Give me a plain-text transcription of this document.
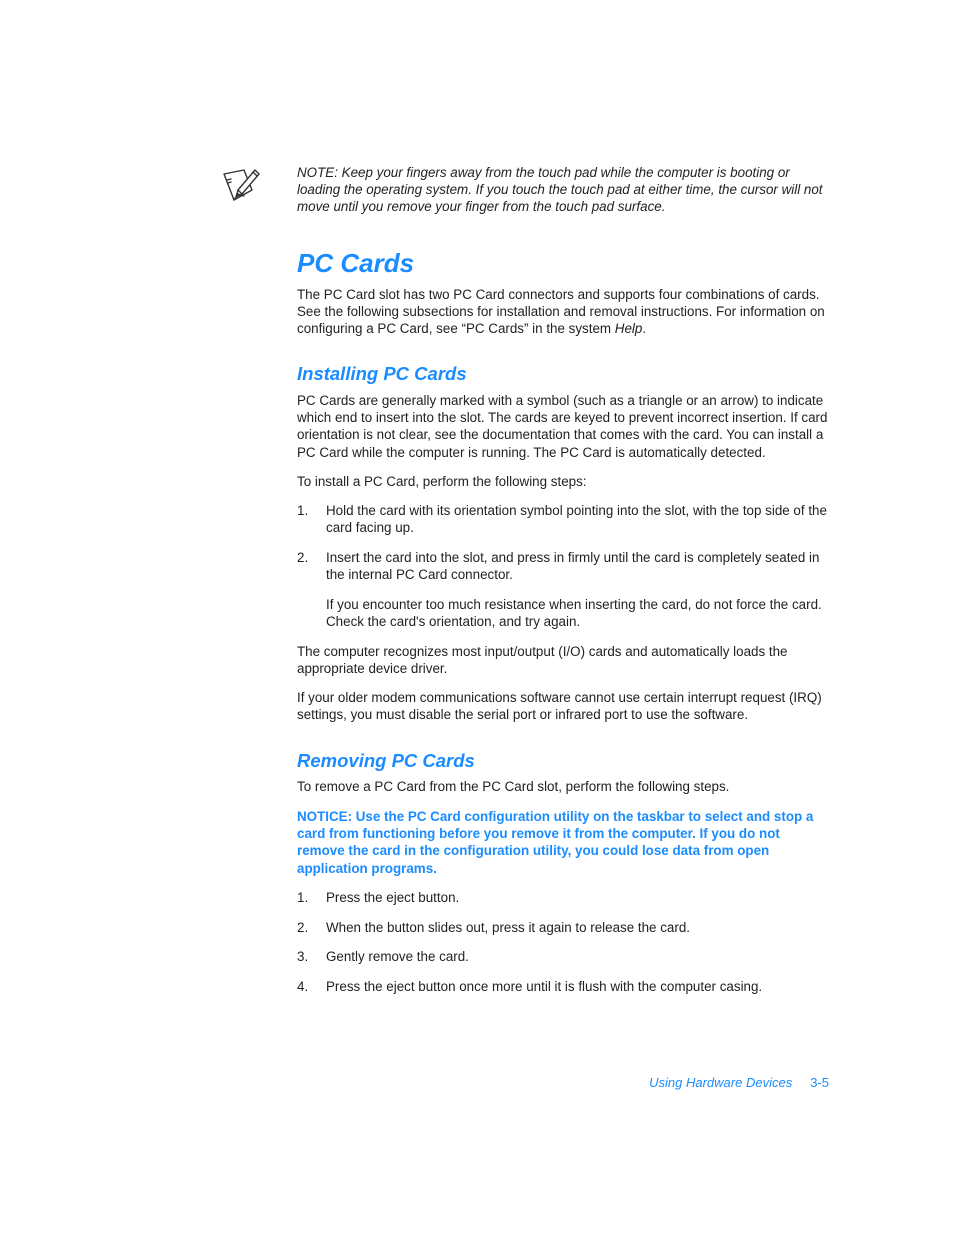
NOTE: Keep your fingers away from the touch pad while the computer is booting or loading the operating system. If you touch the touch pad at either time, the cursor will not move until you remove your finger from the touch pad surface.
PC Cards
The PC Card slot has two PC Card connectors and supports four combinations of cards. See the following subsections for installation and removal instructions. For information on configuring a PC Card, see “PC Cards” in the system Help.
Installing PC Cards

PC Cards are generally marked with a symbol (such as a triangle or an arrow) to indicate which end to insert into the slot. The cards are keyed to prevent incorrect insertion. If card orientation is not clear, see the documentation that comes with the card. You can install a PC Card while the computer is running. The PC Card is automatically detected.

To install a PC Card, perform the following steps:

1. Hold the card with its orientation symbol pointing into the slot, with the top side of the card facing up.
2. Insert the card into the slot, and press in firmly until the card is completely seated in the internal PC Card connector.

If you encounter too much resistance when inserting the card, do not force the card. Check the card's orientation, and try again.

The computer recognizes most input/output (I/O) cards and automatically loads the appropriate device driver.

If your older modem communications software cannot use certain interrupt request (IRQ) settings, you must disable the serial port or infrared port to use the software.

Removing PC Cards

To remove a PC Card from the PC Card slot, perform the following steps.

NOTICE: Use the PC Card configuration utility on the taskbar to select and stop a card from functioning before you remove it from the computer. If you do not remove the card in the configuration utility, you could lose data from open application programs.

1. Press the eject button.
2. When the button slides out, press it again to release the card.
3. Gently remove the card.
4. Press the eject button once more until it is flush with the computer casing.
Using Hardware Devices 3-5
